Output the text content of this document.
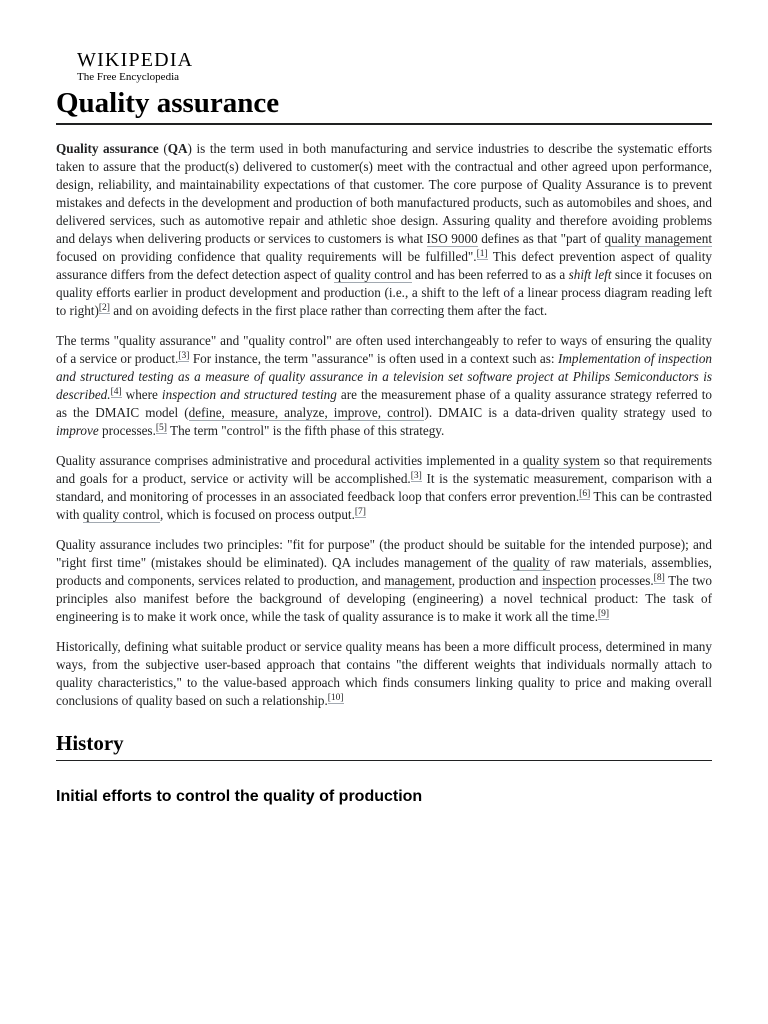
WIKIPEDIA
The Free Encyclopedia
Quality assurance

Quality assurance (QA) is the term used in both manufacturing and service industries to describe the systematic efforts taken to assure that the product(s) delivered to customer(s) meet with the contractual and other agreed upon performance, design, reliability, and maintainability expectations of that customer. The core purpose of Quality Assurance is to prevent mistakes and defects in the development and production of both manufactured products, such as automobiles and shoes, and delivered services, such as automotive repair and athletic shoe design. Assuring quality and therefore avoiding problems and delays when delivering products or services to customers is what ISO 9000 defines as that "part of quality management focused on providing confidence that quality requirements will be fulfilled".[1] This defect prevention aspect of quality assurance differs from the defect detection aspect of quality control and has been referred to as a shift left since it focuses on quality efforts earlier in product development and production (i.e., a shift to the left of a linear process diagram reading left to right)[2] and on avoiding defects in the first place rather than correcting them after the fact.

The terms "quality assurance" and "quality control" are often used interchangeably to refer to ways of ensuring the quality of a service or product.[3] For instance, the term "assurance" is often used in a context such as: Implementation of inspection and structured testing as a measure of quality assurance in a television set software project at Philips Semiconductors is described.[4] where inspection and structured testing are the measurement phase of a quality assurance strategy referred to as the DMAIC model (define, measure, analyze, improve, control). DMAIC is a data-driven quality strategy used to improve processes.[5] The term "control" is the fifth phase of this strategy.

Quality assurance comprises administrative and procedural activities implemented in a quality system so that requirements and goals for a product, service or activity will be accomplished.[3] It is the systematic measurement, comparison with a standard, and monitoring of processes in an associated feedback loop that confers error prevention.[6] This can be contrasted with quality control, which is focused on process output.[7]

Quality assurance includes two principles: "fit for purpose" (the product should be suitable for the intended purpose); and "right first time" (mistakes should be eliminated). QA includes management of the quality of raw materials, assemblies, products and components, services related to production, and management, production and inspection processes.[8] The two principles also manifest before the background of developing (engineering) a novel technical product: The task of engineering is to make it work once, while the task of quality assurance is to make it work all the time.[9]

Historically, defining what suitable product or service quality means has been a more difficult process, determined in many ways, from the subjective user-based approach that contains "the different weights that individuals normally attach to quality characteristics," to the value-based approach which finds consumers linking quality to price and making overall conclusions of quality based on such a relationship.[10]

History
Initial efforts to control the quality of production
